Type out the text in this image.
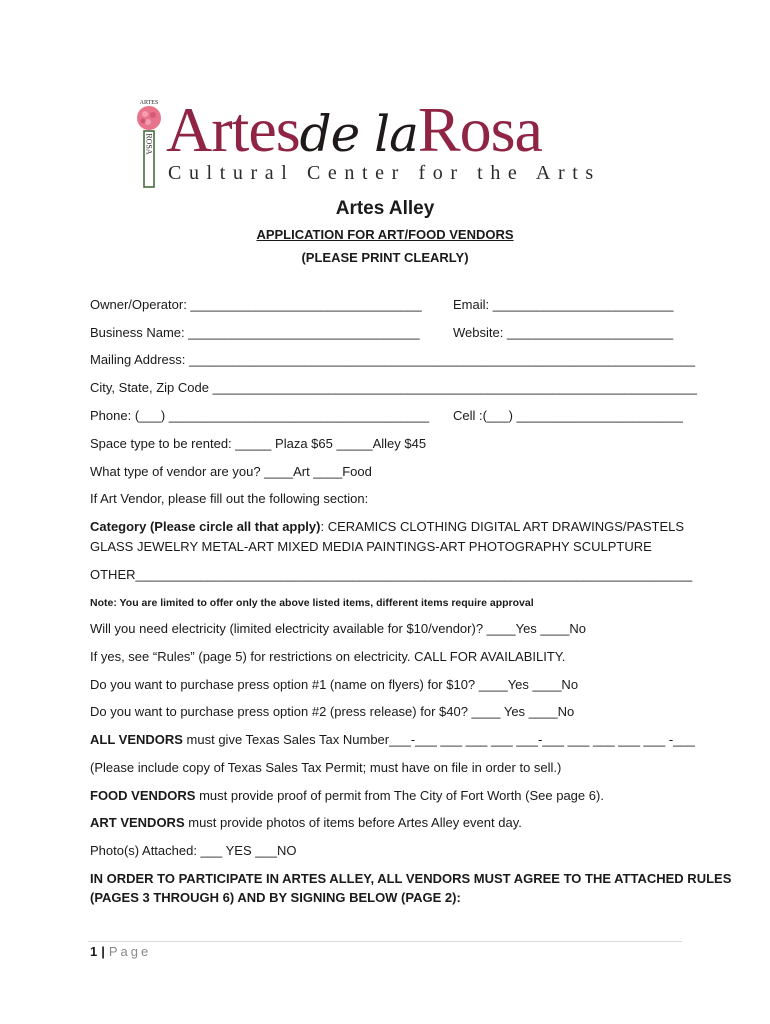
ARTES
ROSA Artesde laRosa
Cultural Center for the Arts
Artes Alley
APPLICATION FOR ART/FOOD VENDORS
(PLEASE PRINT CLEARLY)
Owner/Operator: ________________________________ Email: _________________________
Business Name: ________________________________	Website: _______________________
Mailing Address: ______________________________________________________________________
City, State, Zip Code ___________________________________________________________________
Phone: (___) ____________________________________ Cell :(___) _______________________
Space type to be rented: _____ Plaza $65 _____Alley $45
What type of vendor are you? ____Art ____Food
If Art Vendor, please fill out the following section:
Category (Please circle all that apply): CERAMICS CLOTHING DIGITAL ART DRAWINGS/PASTELS
GLASS JEWELRY METAL-ART MIXED MEDIA PAINTINGS-ART PHOTOGRAPHY SCULPTURE
OTHER_____________________________________________________________________________
Note: You are limited to offer only the above listed items, different items require approval
Will you need electricity (limited electricity available for $10/vendor)? ____Yes ____No
If yes, see “Rules” (page 5) for restrictions on electricity. CALL FOR AVAILABILITY.
Do you want to purchase press option #1 (name on flyers) for $10? ____Yes ____No
Do you want to purchase press option #2 (press release) for $40? ____ Yes ____No
ALL VENDORS must give Texas Sales Tax Number___-___ ___ ___ ___ ___-___ ___ ___ ___ ___ -___
(Please include copy of Texas Sales Tax Permit; must have on file in order to sell.)
FOOD VENDORS must provide proof of permit from The City of Fort Worth (See page 6).
ART VENDORS must provide photos of items before Artes Alley event day.
Photo(s) Attached: ___ YES ___NO
IN ORDER TO PARTICIPATE IN ARTES ALLEY, ALL VENDORS MUST AGREE TO THE ATTACHED RULES
(PAGES 3 THROUGH 6) AND BY SIGNING BELOW (PAGE 2):
1 | Page
